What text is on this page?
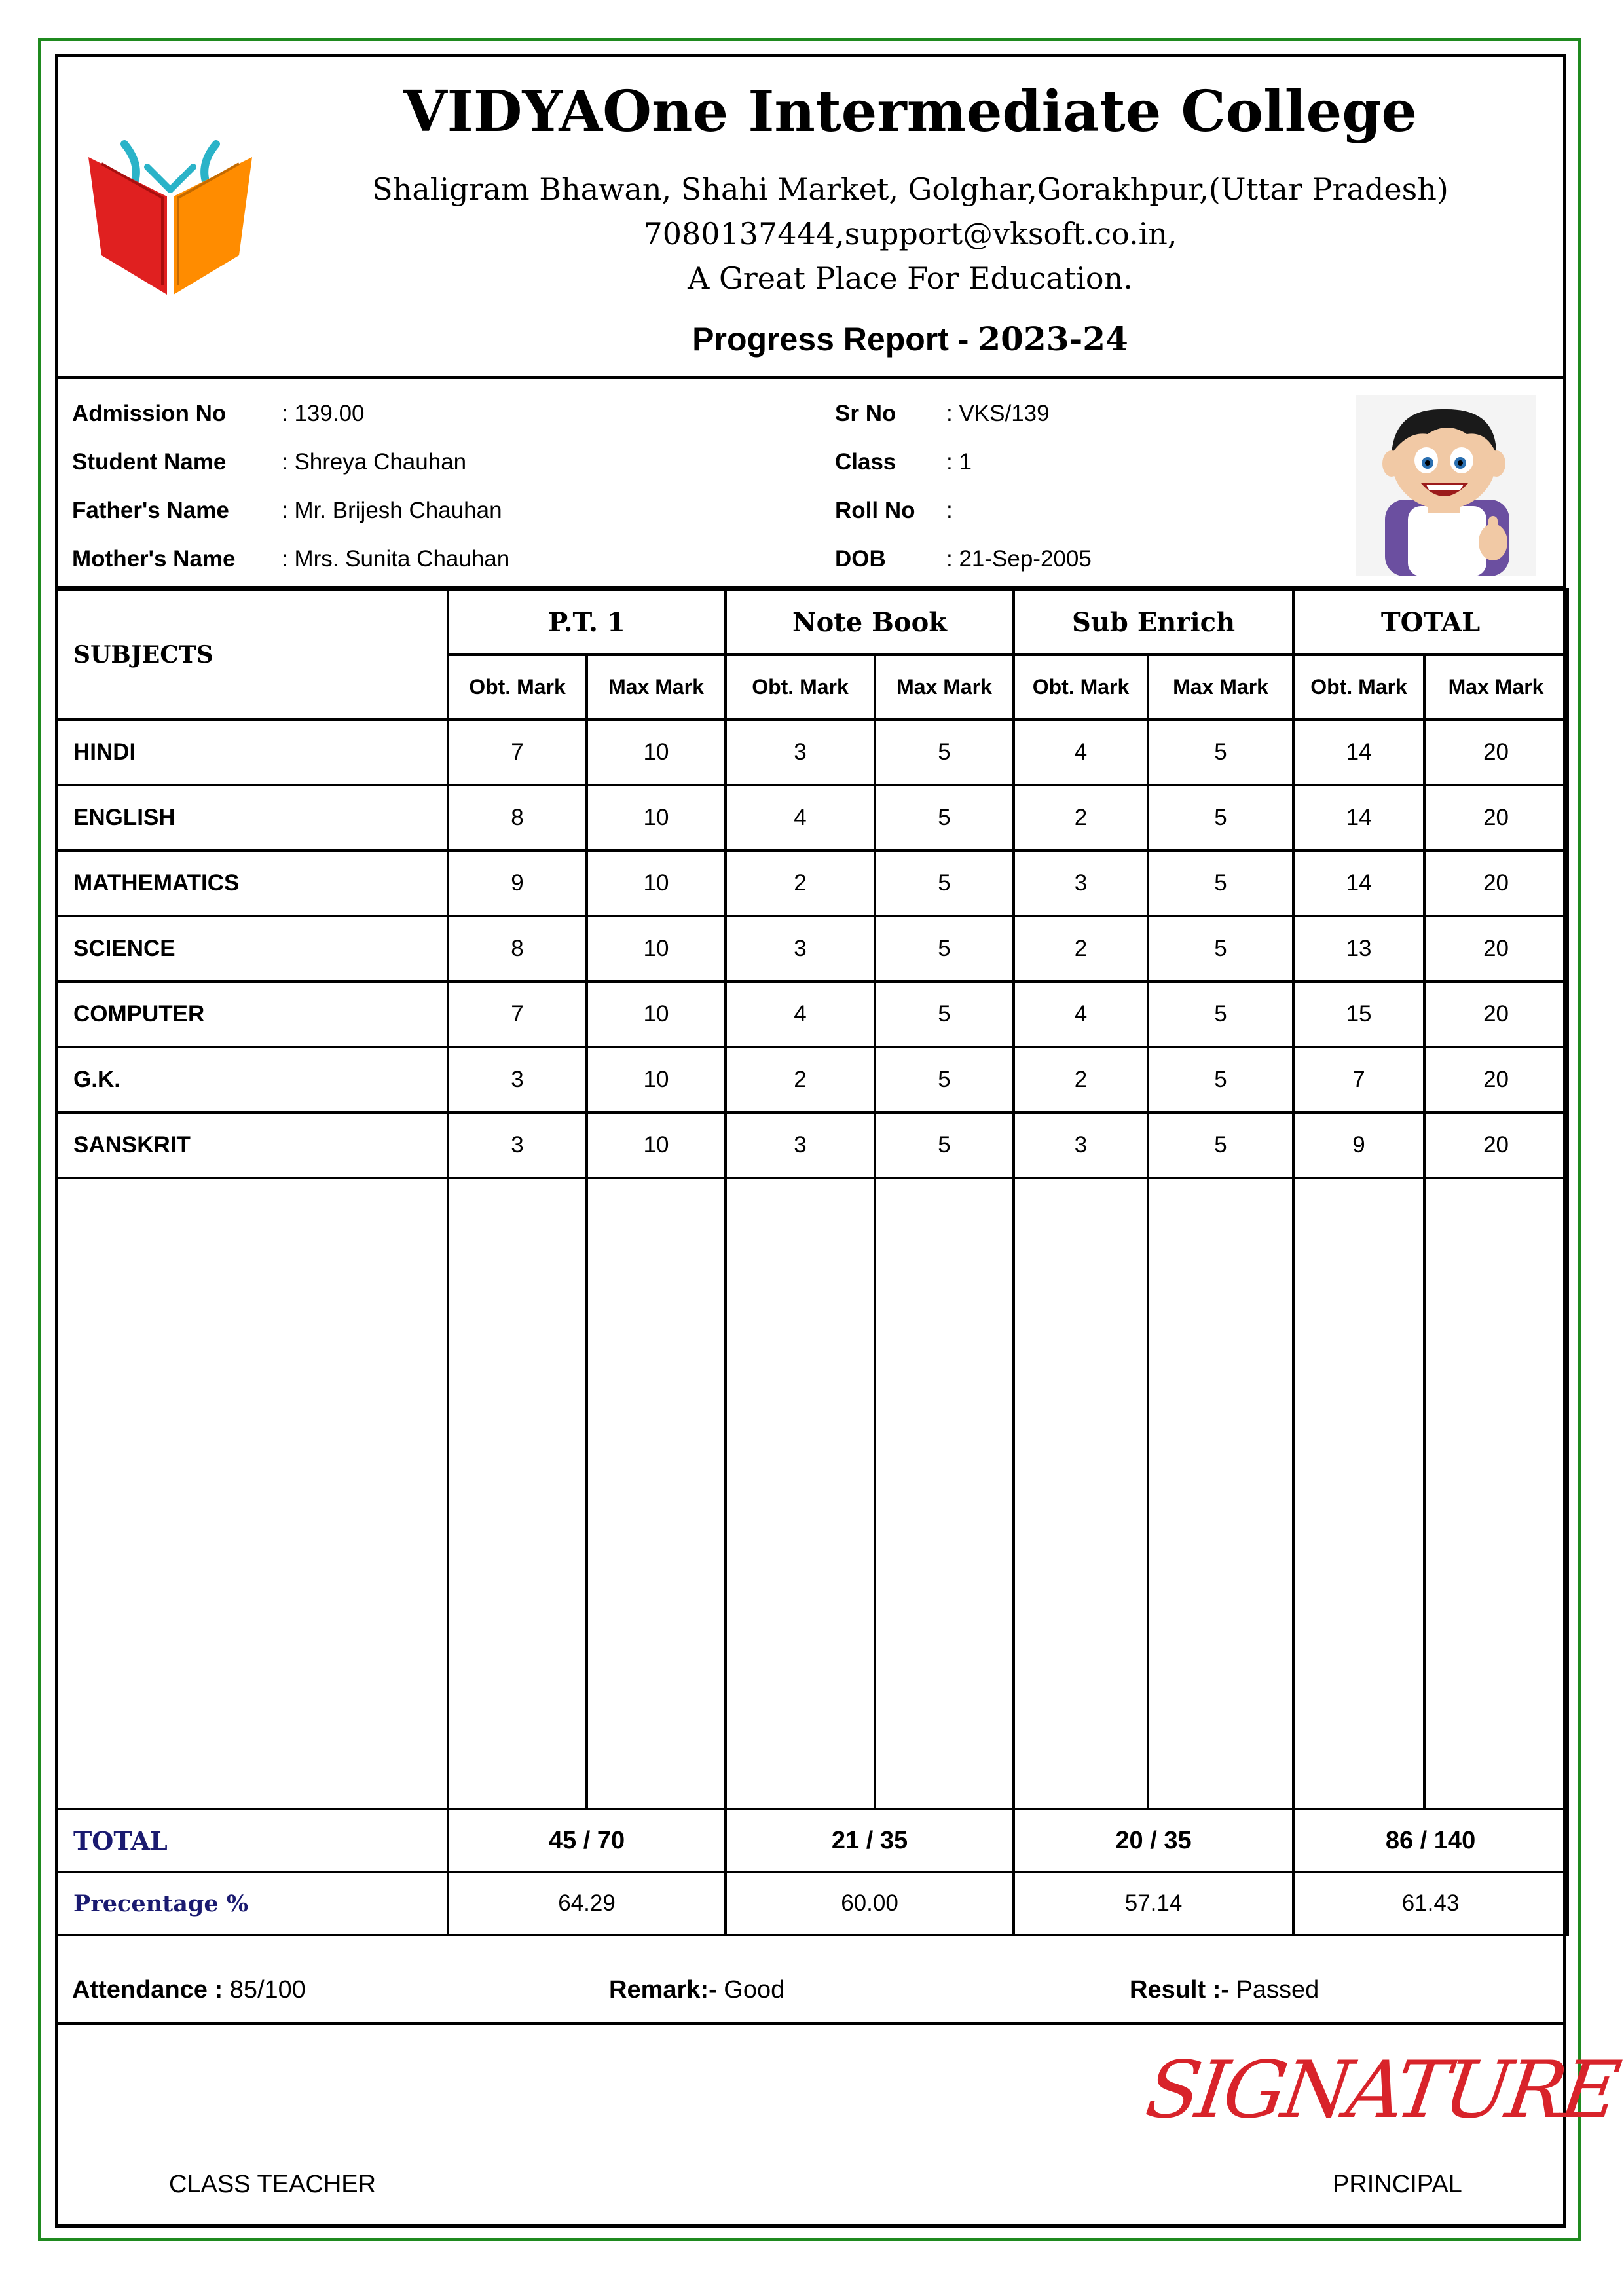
VIDYAOne Intermediate College
Shaligram Bhawan, Shahi Market, Golghar,Gorakhpur,(Uttar Pradesh)
7080137444,support@vksoft.co.in,
A Great Place For Education.
Progress Report - 2023-24
Admission No : 139.00
Student Name : Shreya Chauhan
Father's Name : Mr. Brijesh Chauhan
Mother's Name : Mrs. Sunita Chauhan
Sr No : VKS/139
Class : 1
Roll No :
DOB	: 21-Sep-2005
SUBJECTS	P.T. 1		Note Book		Sub Enrich		TOTAL	
	Obt. Mark	Max Mark	Obt. Mark	Max Mark	Obt. Mark	Max Mark	Obt. Mark	Max Mark
HINDI	7	10	3	5	4	5	14	20
ENGLISH	8	10	4	5	2	5	14	20
MATHEMATICS	9	10	2	5	3	5	14	20
SCIENCE	8	10	3	5	2	5	13	20
COMPUTER	7	10	4	5	4	5	15	20
G.K.	3	10	2	5	2	5	7	20
SANSKRIT	3	10	3	5	3	5	9	20

TOTAL	45 / 70		21 / 35		20 / 35		86 / 140	
Precentage %	64.29		60.00		57.14		61.43	
Attendance : 85/100	Remark:- Good	Result :- Passed
SIGNATURE
CLASS TEACHER	PRINCIPAL
